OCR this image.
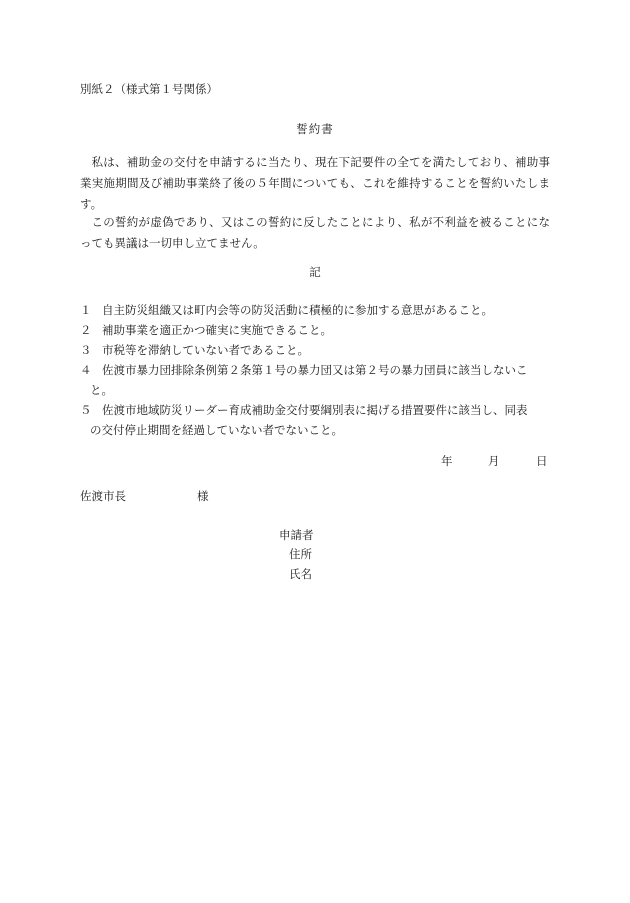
別紙２（様式第１号関係）
誓約書
私は、補助金の交付を申請するに当たり、現在下記要件の全てを満たしており、補助事業実施期間及び補助事業終了後の５年間についても、これを維持することを誓約いたします。
この誓約が虚偽であり、又はこの誓約に反したことにより、私が不利益を被ることになっても異議は一切申し立てません。
記
１ 自主防災組織又は町内会等の防災活動に積極的に参加する意思があること。
２ 補助事業を適正かつ確実に実施できること。
３ 市税等を滞納していない者であること。
４ 佐渡市暴力団排除条例第２条第１号の暴力団又は第２号の暴力団員に該当しないこ
と。
５ 佐渡市地域防災リーダー育成補助金交付要綱別表に掲げる措置要件に該当し、同表
の交付停止期間を経過していない者でないこと。
年	月	日
佐渡市長	様
申請者
住所
氏名
